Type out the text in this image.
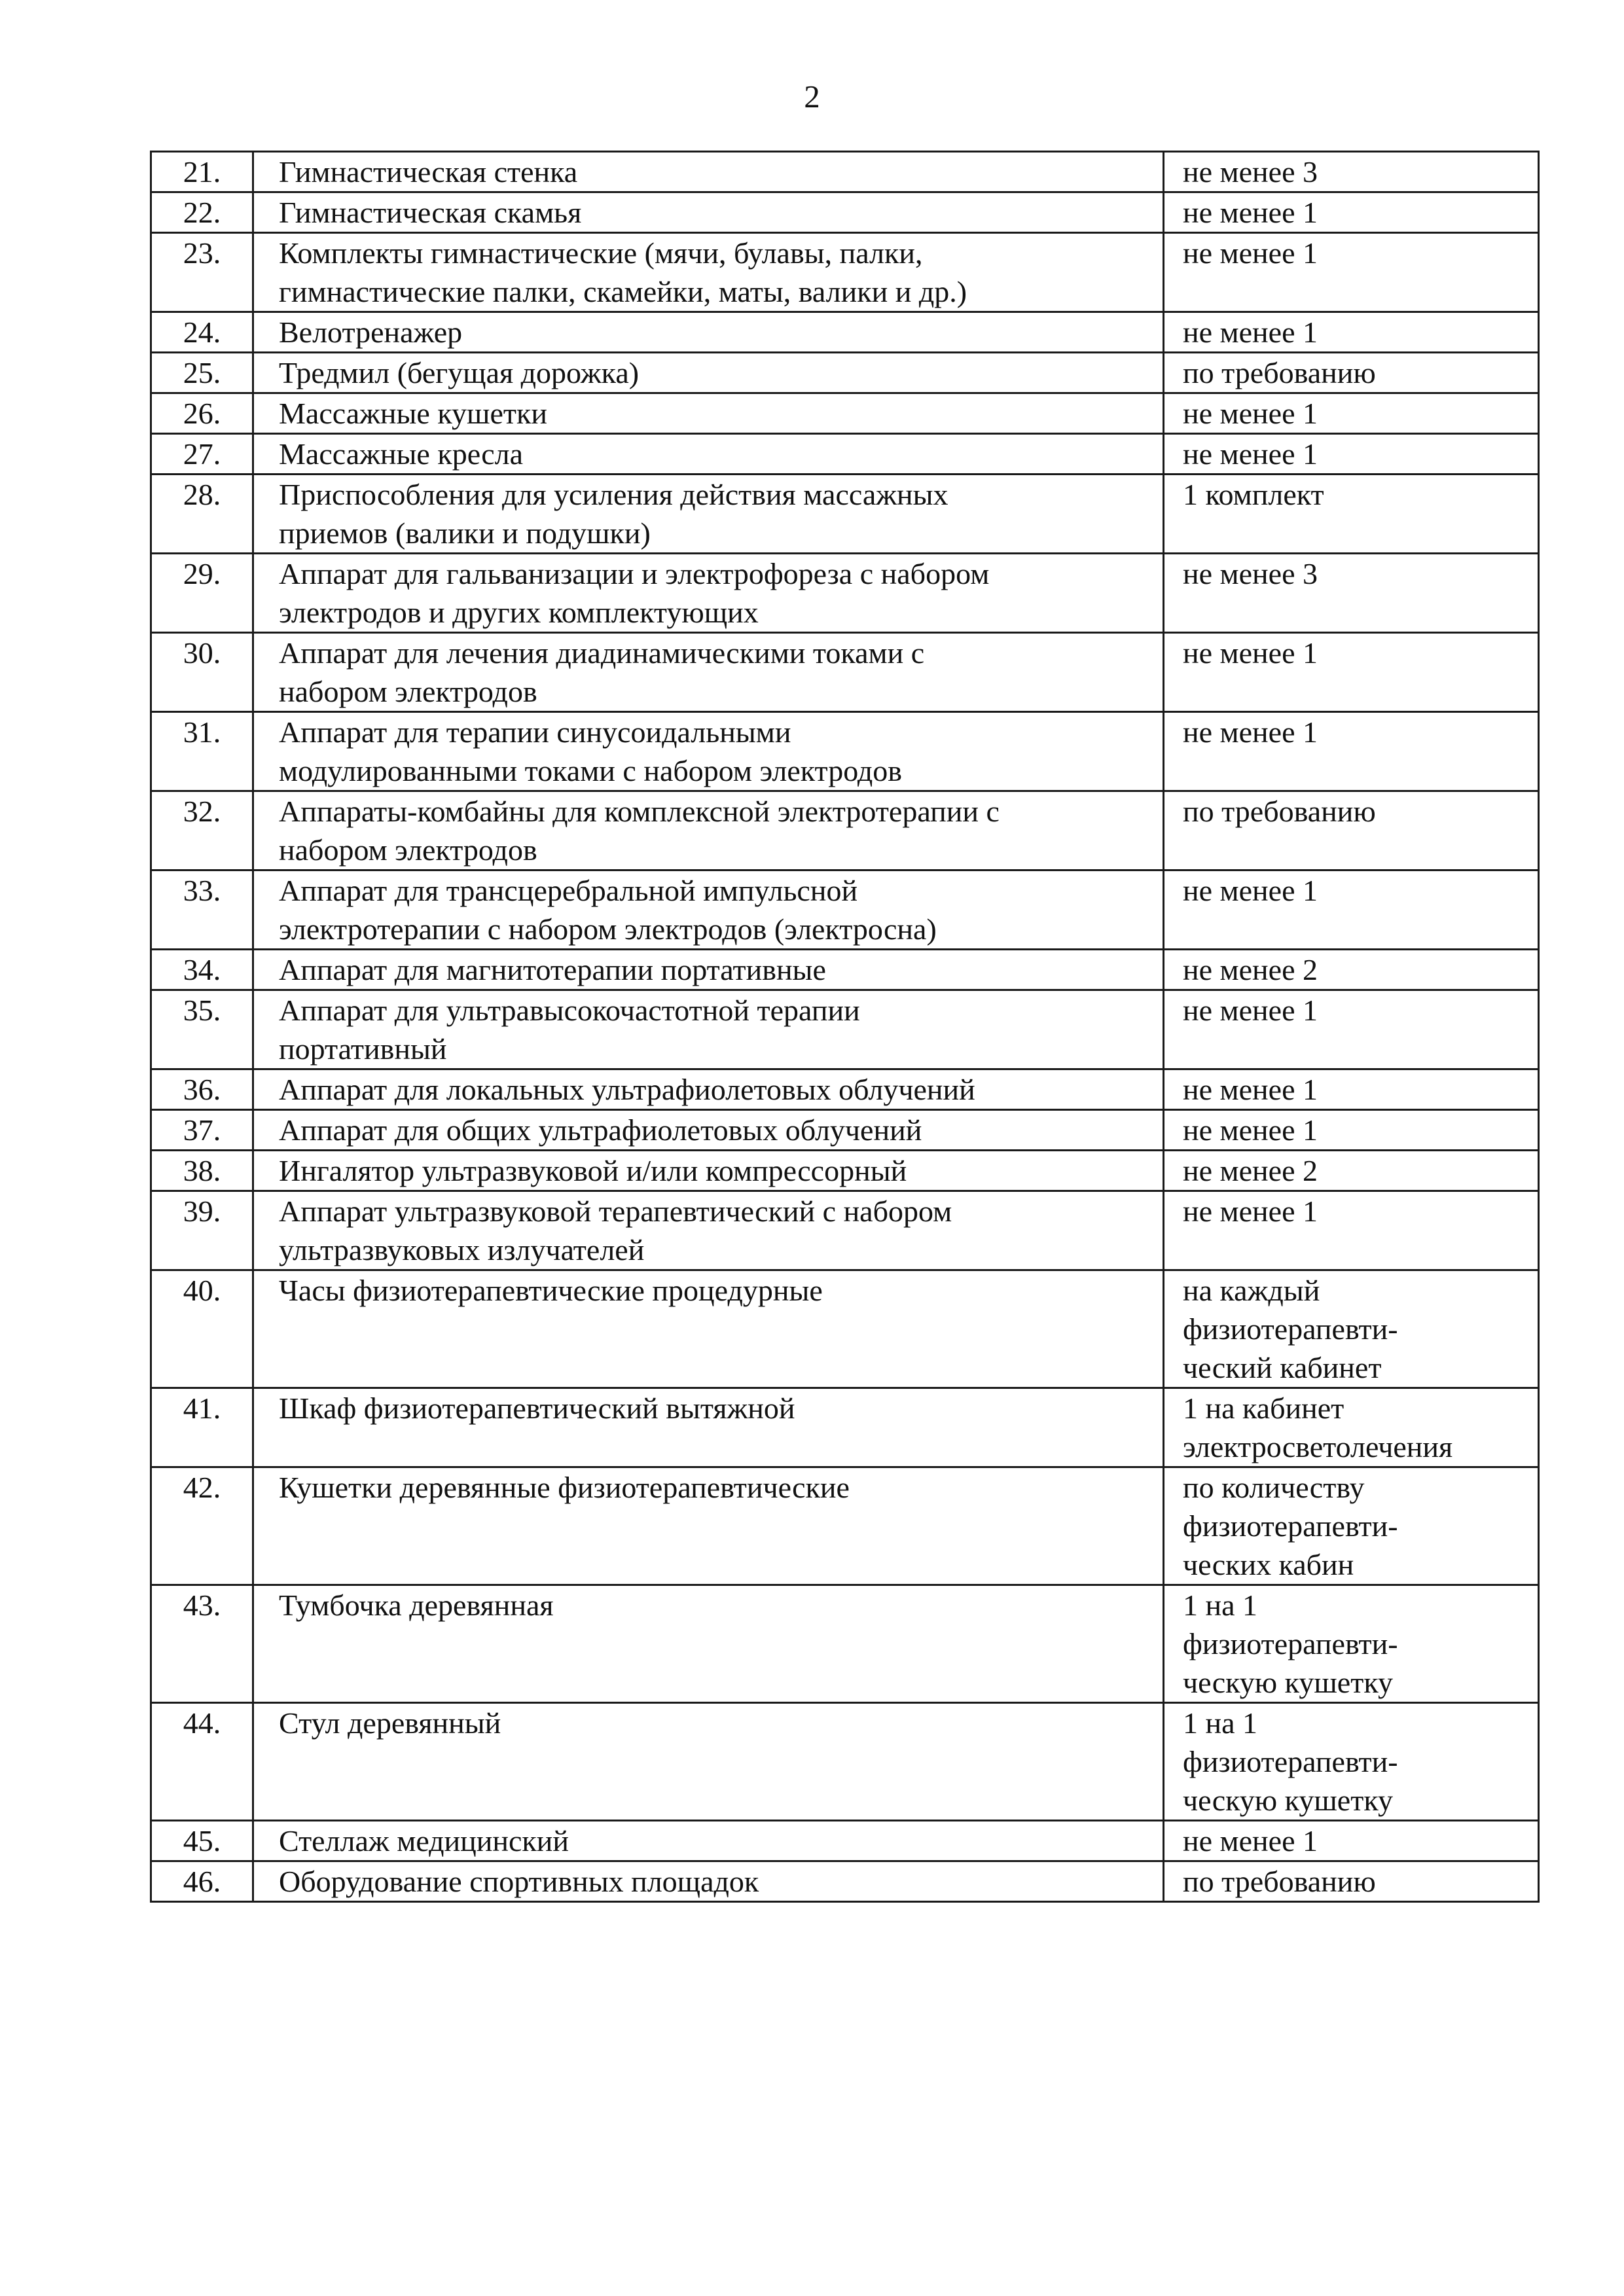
2
21.	Гимнастическая стенка	не менее 3

22.	Гимнастическая скамья	не менее 1

23.	Комплекты гимнастические (мячи, булавы, палки,
гимнастические палки, скамейки, маты, валики и др.)	не менее 1

24.	Велотренажер	не менее 1

25.	Тредмил (бегущая дорожка)	по требованию

26.	Массажные кушетки	не менее 1

27.	Массажные кресла	не менее 1

28.	Приспособления для усиления действия массажных
приемов (валики и подушки)	1 комплект

29.	Аппарат для гальванизации и электрофореза с набором
электродов и других комплектующих	не менее 3

30.	Аппарат для лечения диадинамическими токами с
набором электродов	не менее 1

31.	Аппарат для терапии синусоидальными
модулированными токами с набором электродов	не менее 1

32.	Аппараты-комбайны для комплексной электротерапии с
набором электродов	по требованию

33.	Аппарат для трансцеребральной импульсной
электротерапии с набором электродов (электросна)	не менее 1

34.	Аппарат для магнитотерапии портативные	не менее 2

35.	Аппарат для ультравысокочастотной терапии
портативный	не менее 1

36.	Аппарат для локальных ультрафиолетовых облучений	не менее 1

37.	Аппарат для общих ультрафиолетовых облучений	не менее 1

38.	Ингалятор ультразвуковой и/или компрессорный	не менее 2

39.	Аппарат ультразвуковой терапевтический с набором
ультразвуковых излучателей	не менее 1

40.	Часы физиотерапевтические процедурные	на каждый
физиотерапевти-
ческий кабинет

41.	Шкаф физиотерапевтический вытяжной	1 на кабинет
электросветолечения

42.	Кушетки деревянные физиотерапевтические	по количеству
физиотерапевти-
ческих кабин

43.	Тумбочка деревянная	1 на 1
физиотерапевти-
ческую кушетку

44.	Стул деревянный	1 на 1
физиотерапевти-
ческую кушетку

45.	Стеллаж медицинский	не менее 1

46.	Оборудование спортивных площадок	по требованию
